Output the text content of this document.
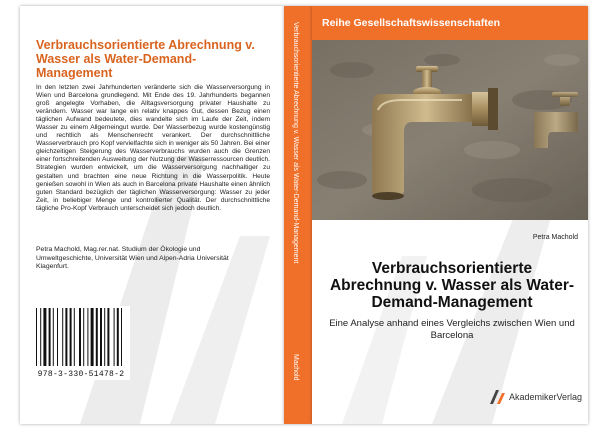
Verbrauchsorientierte Abrechnung v. Wasser als Water-Demand-Management

In den letzten zwei Jahrhunderten veränderte sich die Wasserversorgung in Wien und Barcelona grundlegend. Mit Ende des 19. Jahrhunderts begannen groß angelegte Vorhaben, die Alltagsversorgung privater Haushalte zu verändern. Wasser war lange ein relativ knappes Gut, dessen Bezug einen täglichen Aufwand bedeutete, dies wandelte sich im Laufe der Zeit, indem Wasser zu einem Allgemeingut wurde. Der Wasserbezug wurde kostengünstig und rechtlich als Menschenrecht verankert. Der durchschnittliche Wasserverbrauch pro Kopf vervielfachte sich in weniger als 50 Jahren. Bei einer gleichzeitigen Steigerung des Wasserverbrauchs wurden auch die Grenzen einer fortschreitenden Ausweitung der Nutzung der Wasserressourcen deutlich. Strategien wurden entwickelt, um die Wasserversorgung nachhaltiger zu gestalten und brachten eine neue Richtung in die Wasserpolitik. Heute genießen sowohl in Wien als auch in Barcelona private Haushalte einen ähnlich guten Standard bezüglich der täglichen Wasserversorgung: Wasser zu jeder Zeit, in beliebiger Menge und kontrollierter Qualität. Der durchschnittliche tägliche Pro-Kopf Verbrauch unterscheidet sich jedoch deutlich.

Petra Machold, Mag.rer.nat. Studium der Ökologie und Umweltgeschichte, Universität Wien und Alpen-Adria Universität Klagenfurt.

978-3-330-51478-2
Verbrauchsorientierte Abrechnung v. Wasser als Water-Demand-Management
Machold
Reihe Gesellschaftswissenschaften
Petra Machold
Verbrauchsorientierte Abrechnung v. Wasser als Water-Demand-Management

Eine Analyse anhand eines Vergleichs zwischen Wien und Barcelona

AkademikerVerlag
